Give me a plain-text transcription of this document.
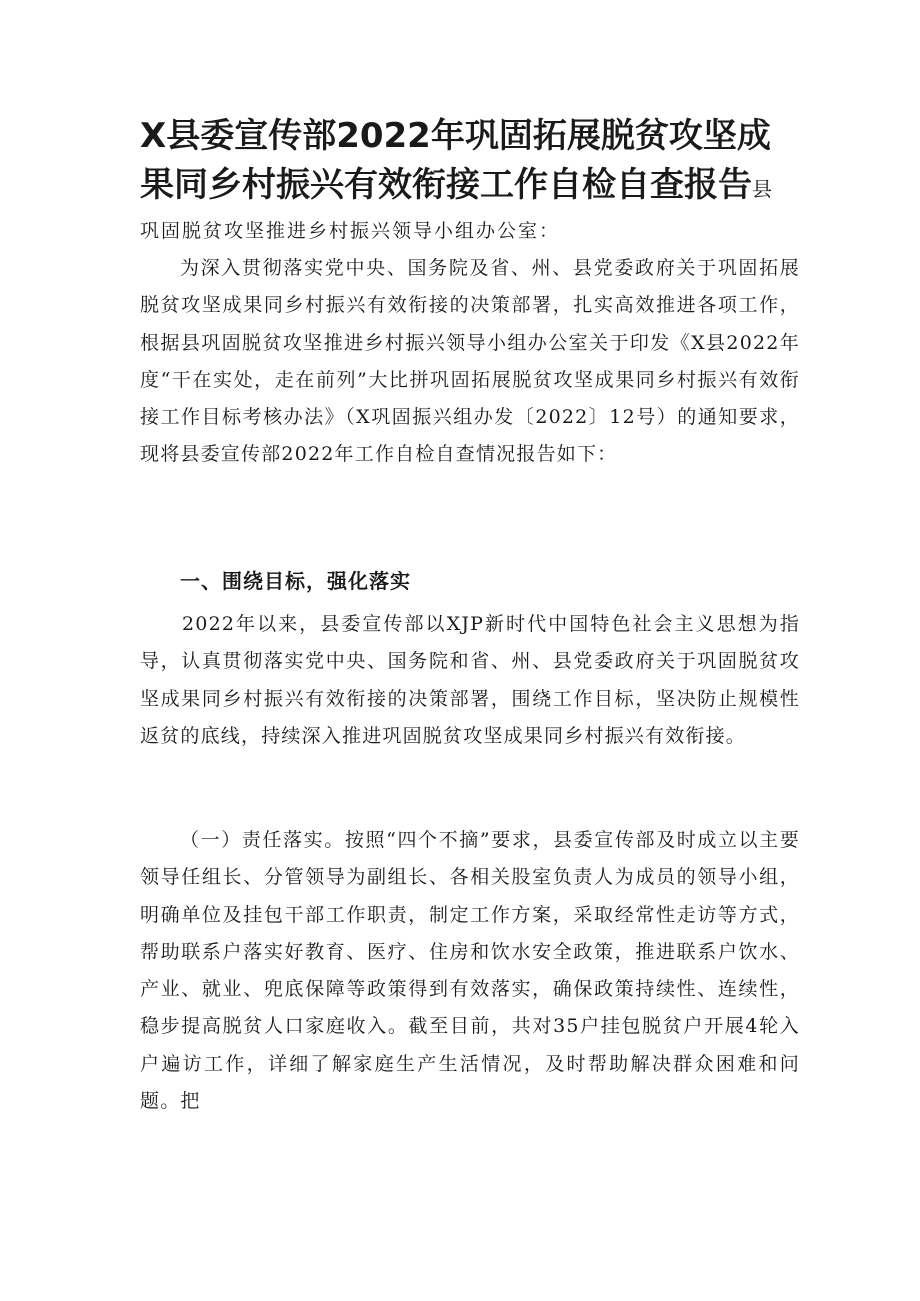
X县委宣传部2022年巩固拓展脱贫攻坚成
果同乡村振兴有效衔接工作自检自查报告县

巩固脱贫攻坚推进乡村振兴领导小组办公室：

为深入贯彻落实党中央、国务院及省、州、县党委政府关于巩固拓展脱贫攻坚成果同乡村振兴有效衔接的决策部署，扎实高效推进各项工作，根据县巩固脱贫攻坚推进乡村振兴领导小组办公室关于印发《X县2022年度“干在实处，走在前列”大比拼巩固拓展脱贫攻坚成果同乡村振兴有效衔接工作目标考核办法》（X巩固振兴组办发〔2022〕12号）的通知要求，现将县委宣传部2022年工作自检自查情况报告如下：

一、围绕目标，强化落实

2022年以来，县委宣传部以XJP新时代中国特色社会主义思想为指导，认真贯彻落实党中央、国务院和省、州、县党委政府关于巩固脱贫攻坚成果同乡村振兴有效衔接的决策部署，围绕工作目标，坚决防止规模性返贫的底线，持续深入推进巩固脱贫攻坚成果同乡村振兴有效衔接。

（一）责任落实。按照“四个不摘”要求，县委宣传部及时成立以主要领导任组长、分管领导为副组长、各相关股室负责人为成员的领导小组，明确单位及挂包干部工作职责，制定工作方案，采取经常性走访等方式，帮助联系户落实好教育、医疗、住房和饮水安全政策，推进联系户饮水、产业、就业、兜底保障等政策得到有效落实，确保政策持续性、连续性，稳步提高脱贫人口家庭收入。截至目前，共对35户挂包脱贫户开展4轮入户遍访工作，详细了解家庭生产生活情况，及时帮助解决群众困难和问题。把
